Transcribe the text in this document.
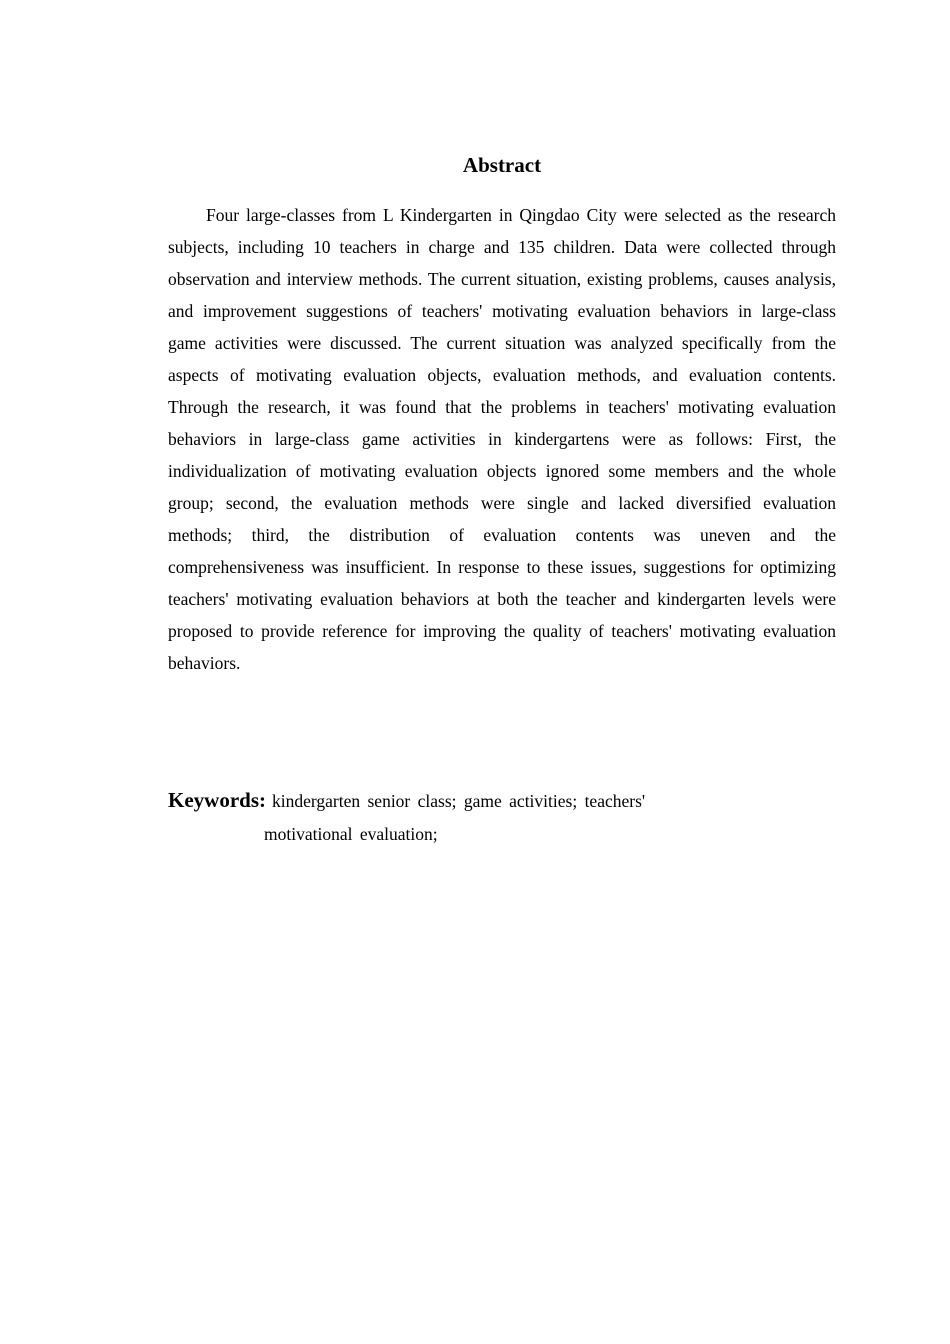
Abstract

Four large-classes from L Kindergarten in Qingdao City were selected as the research subjects, including 10 teachers in charge and 135 children. Data were collected through observation and interview methods. The current situation, existing problems, causes analysis, and improvement suggestions of teachers' motivating evaluation behaviors in large-class game activities were discussed. The current situation was analyzed specifically from the aspects of motivating evaluation objects, evaluation methods, and evaluation contents. Through the research, it was found that the problems in teachers' motivating evaluation behaviors in large-class game activities in kindergartens were as follows: First, the individualization of motivating evaluation objects ignored some members and the whole group; second, the evaluation methods were single and lacked diversified evaluation methods; third, the distribution of evaluation contents was uneven and the comprehensiveness was insufficient. In response to these issues, suggestions for optimizing teachers' motivating evaluation behaviors at both the teacher and kindergarten levels were proposed to provide reference for improving the quality of teachers' motivating evaluation behaviors.

Keywords: kindergarten senior class; game activities; teachers' motivational evaluation;
